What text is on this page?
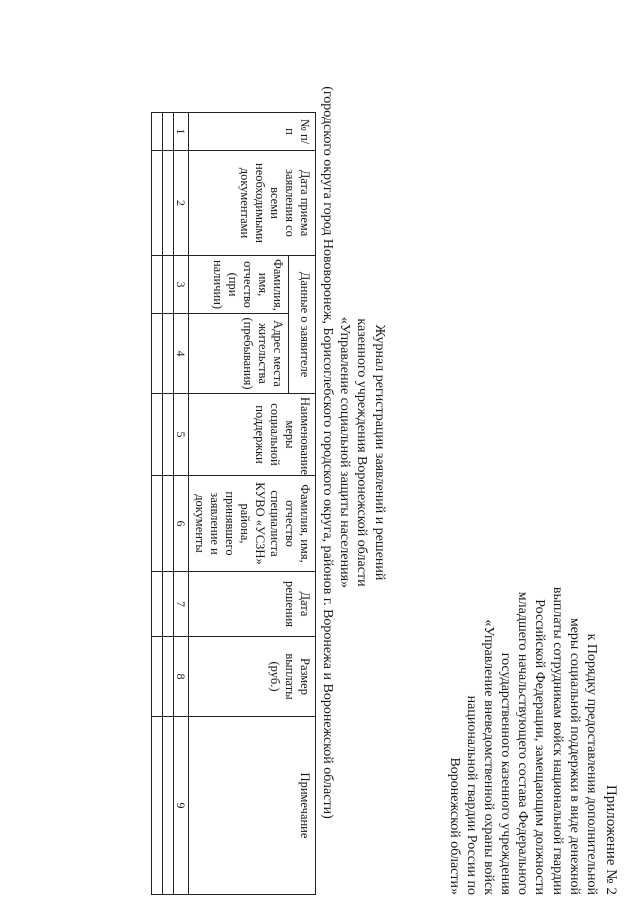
Приложение №2
к Порядку предоставления дополнительной
меры социальной поддержки в виде денежной
выплаты сотрудникам войск национальной гвардии
Российской Федерации, замещающим должности
младшего начальствующего состава Федерального
государственного казенного учреждения
«Управление вневедомственной охраны войск
национальной гвардии России по
Воронежской области»
Журнал регистрации заявлений и решений
казенного учреждения Воронежской области
«Управление социальной защиты населения»
(городского округа город Нововоронеж, Борисоглебского городского округа, районов г. Воронежа и Воронежской области)
№ п/п	Дата приема заявления со всеми необходимыми документами	Данные о заявителе		Наименование меры социальной поддержки	Фамилия, имя, отчество специалиста КУВО «УСЗН» района, принявшего заявление и документы	Дата решения	Размер выплаты (руб.)	Примечание
		Фамилия, имя, отчество (при наличии)	Адрес места жительства (пребывания)					
1	2	3	4	5	6	7	8	9
